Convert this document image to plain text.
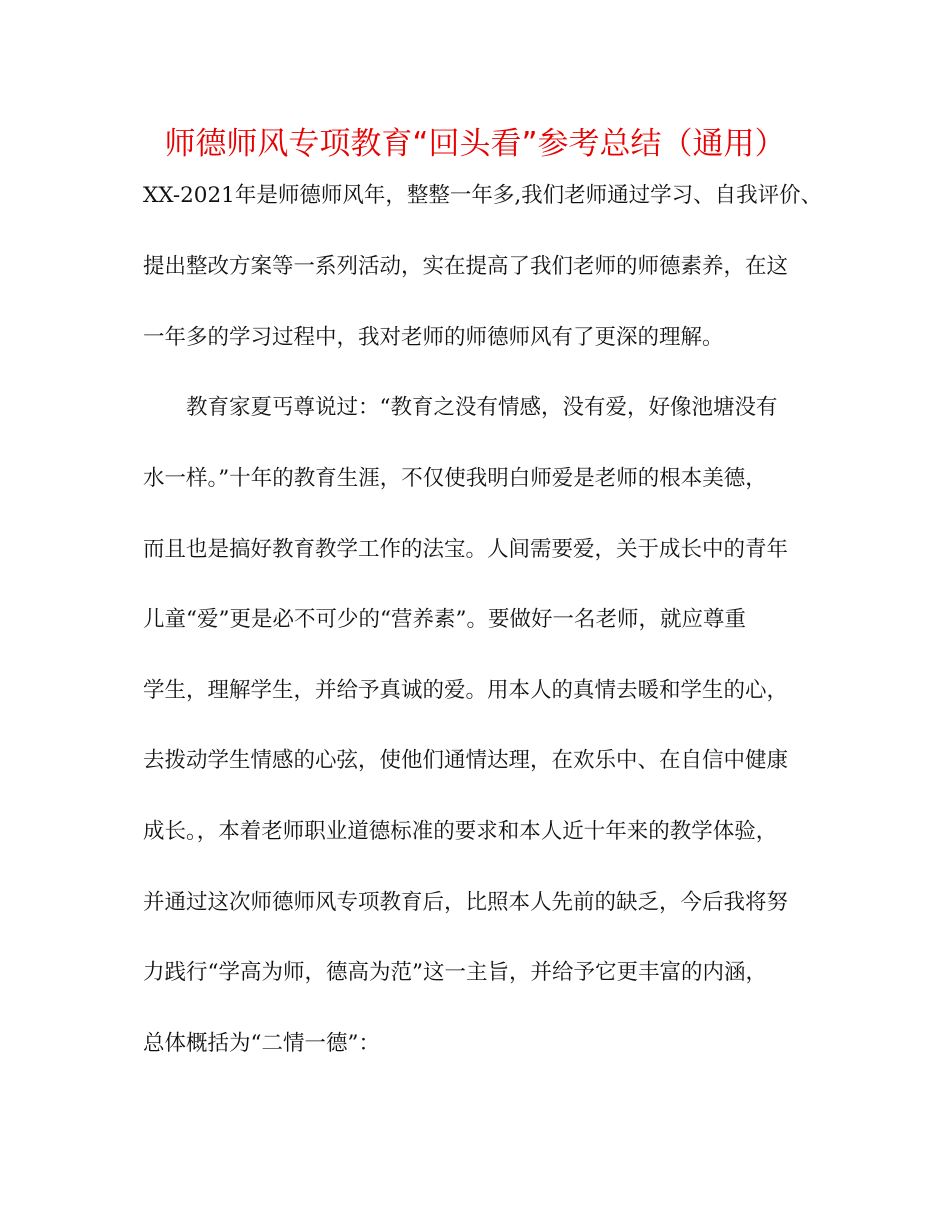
师德师风专项教育“回头看”参考总结（通用）
XX-2021年是师德师风年，整整一年多,我们老师通过学习、自我评价、
提出整改方案等一系列活动，实在提高了我们老师的师德素养，在这
一年多的学习过程中，我对老师的师德师风有了更深的理解。
教育家夏丐尊说过：“教育之没有情感，没有爱，好像池塘没有
水一样。”十年的教育生涯，不仅使我明白师爱是老师的根本美德，
而且也是搞好教育教学工作的法宝。人间需要爱，关于成长中的青年
儿童“爱”更是必不可少的“营养素”。要做好一名老师，就应尊重
学生，理解学生，并给予真诚的爱。用本人的真情去暖和学生的心，
去拨动学生情感的心弦，使他们通情达理，在欢乐中、在自信中健康
成长。，本着老师职业道德标准的要求和本人近十年来的教学体验，
并通过这次师德师风专项教育后，比照本人先前的缺乏，今后我将努
力践行“学高为师，德高为范”这一主旨，并给予它更丰富的内涵，
总体概括为“二情一德”：
